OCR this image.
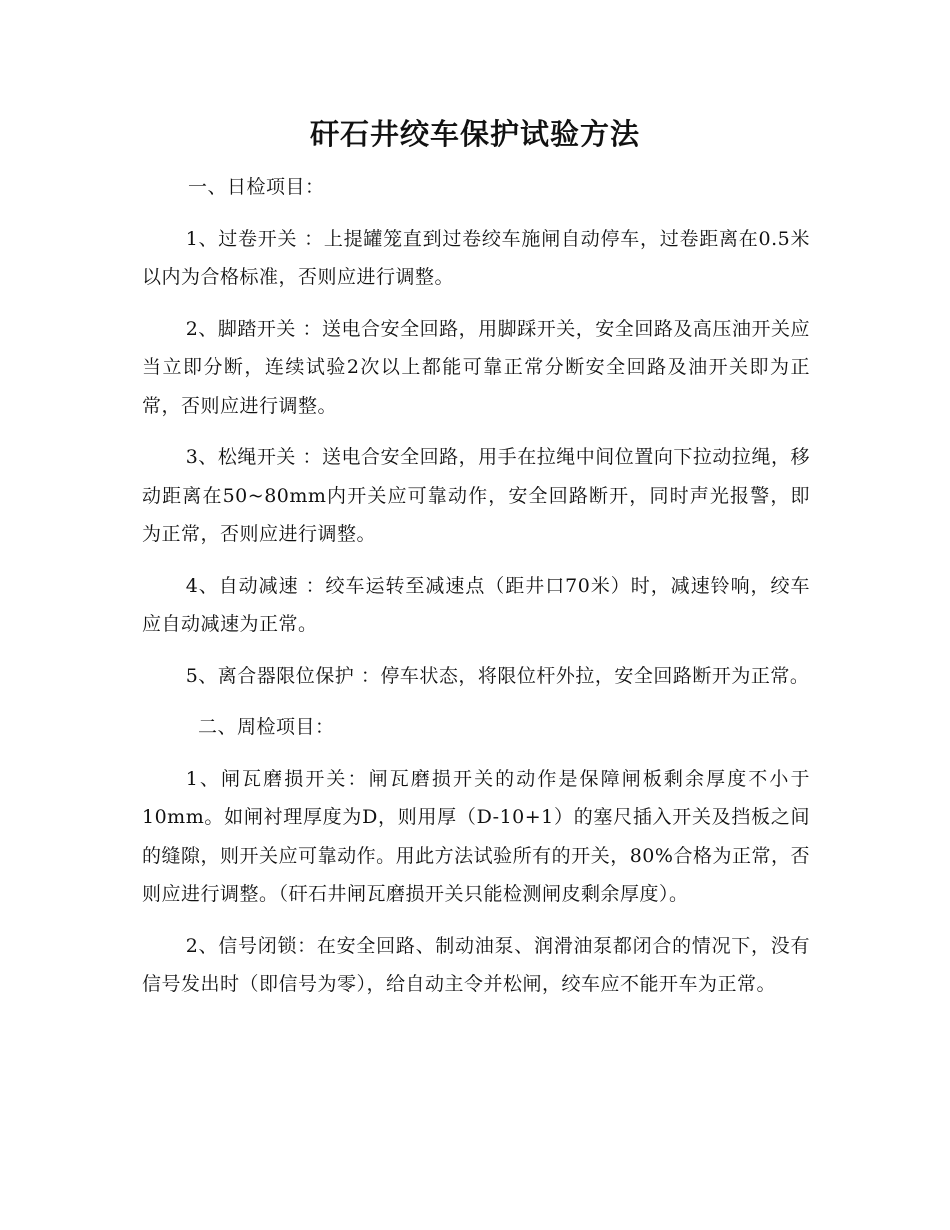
矸石井绞车保护试验方法
一、日检项目：

1、过卷开关 ：上提罐笼直到过卷绞车施闸自动停车，过卷距离在0.5米以内为合格标准，否则应进行调整。

2、脚踏开关 ：送电合安全回路，用脚踩开关，安全回路及高压油开关应当立即分断，连续试验2次以上都能可靠正常分断安全回路及油开关即为正常，否则应进行调整。

3、松绳开关 ：送电合安全回路，用手在拉绳中间位置向下拉动拉绳，移动距离在50~80mm内开关应可靠动作，安全回路断开，同时声光报警，即为正常，否则应进行调整。

4、自动减速 ：绞车运转至减速点（距井口70米）时，减速铃响，绞车应自动减速为正常。

5、离合器限位保护 ：停车状态，将限位杆外拉，安全回路断开为正常。

二、周检项目：

1、闸瓦磨损开关：闸瓦磨损开关的动作是保障闸板剩余厚度不小于10mm。如闸衬理厚度为D，则用厚（D-10+1）的塞尺插入开关及挡板之间的缝隙，则开关应可靠动作。用此方法试验所有的开关，80%合格为正常，否则应进行调整。（矸石井闸瓦磨损开关只能检测闸皮剩余厚度）。

2、信号闭锁：在安全回路、制动油泵、润滑油泵都闭合的情况下，没有信号发出时（即信号为零），给自动主令并松闸，绞车应不能开车为正常。
